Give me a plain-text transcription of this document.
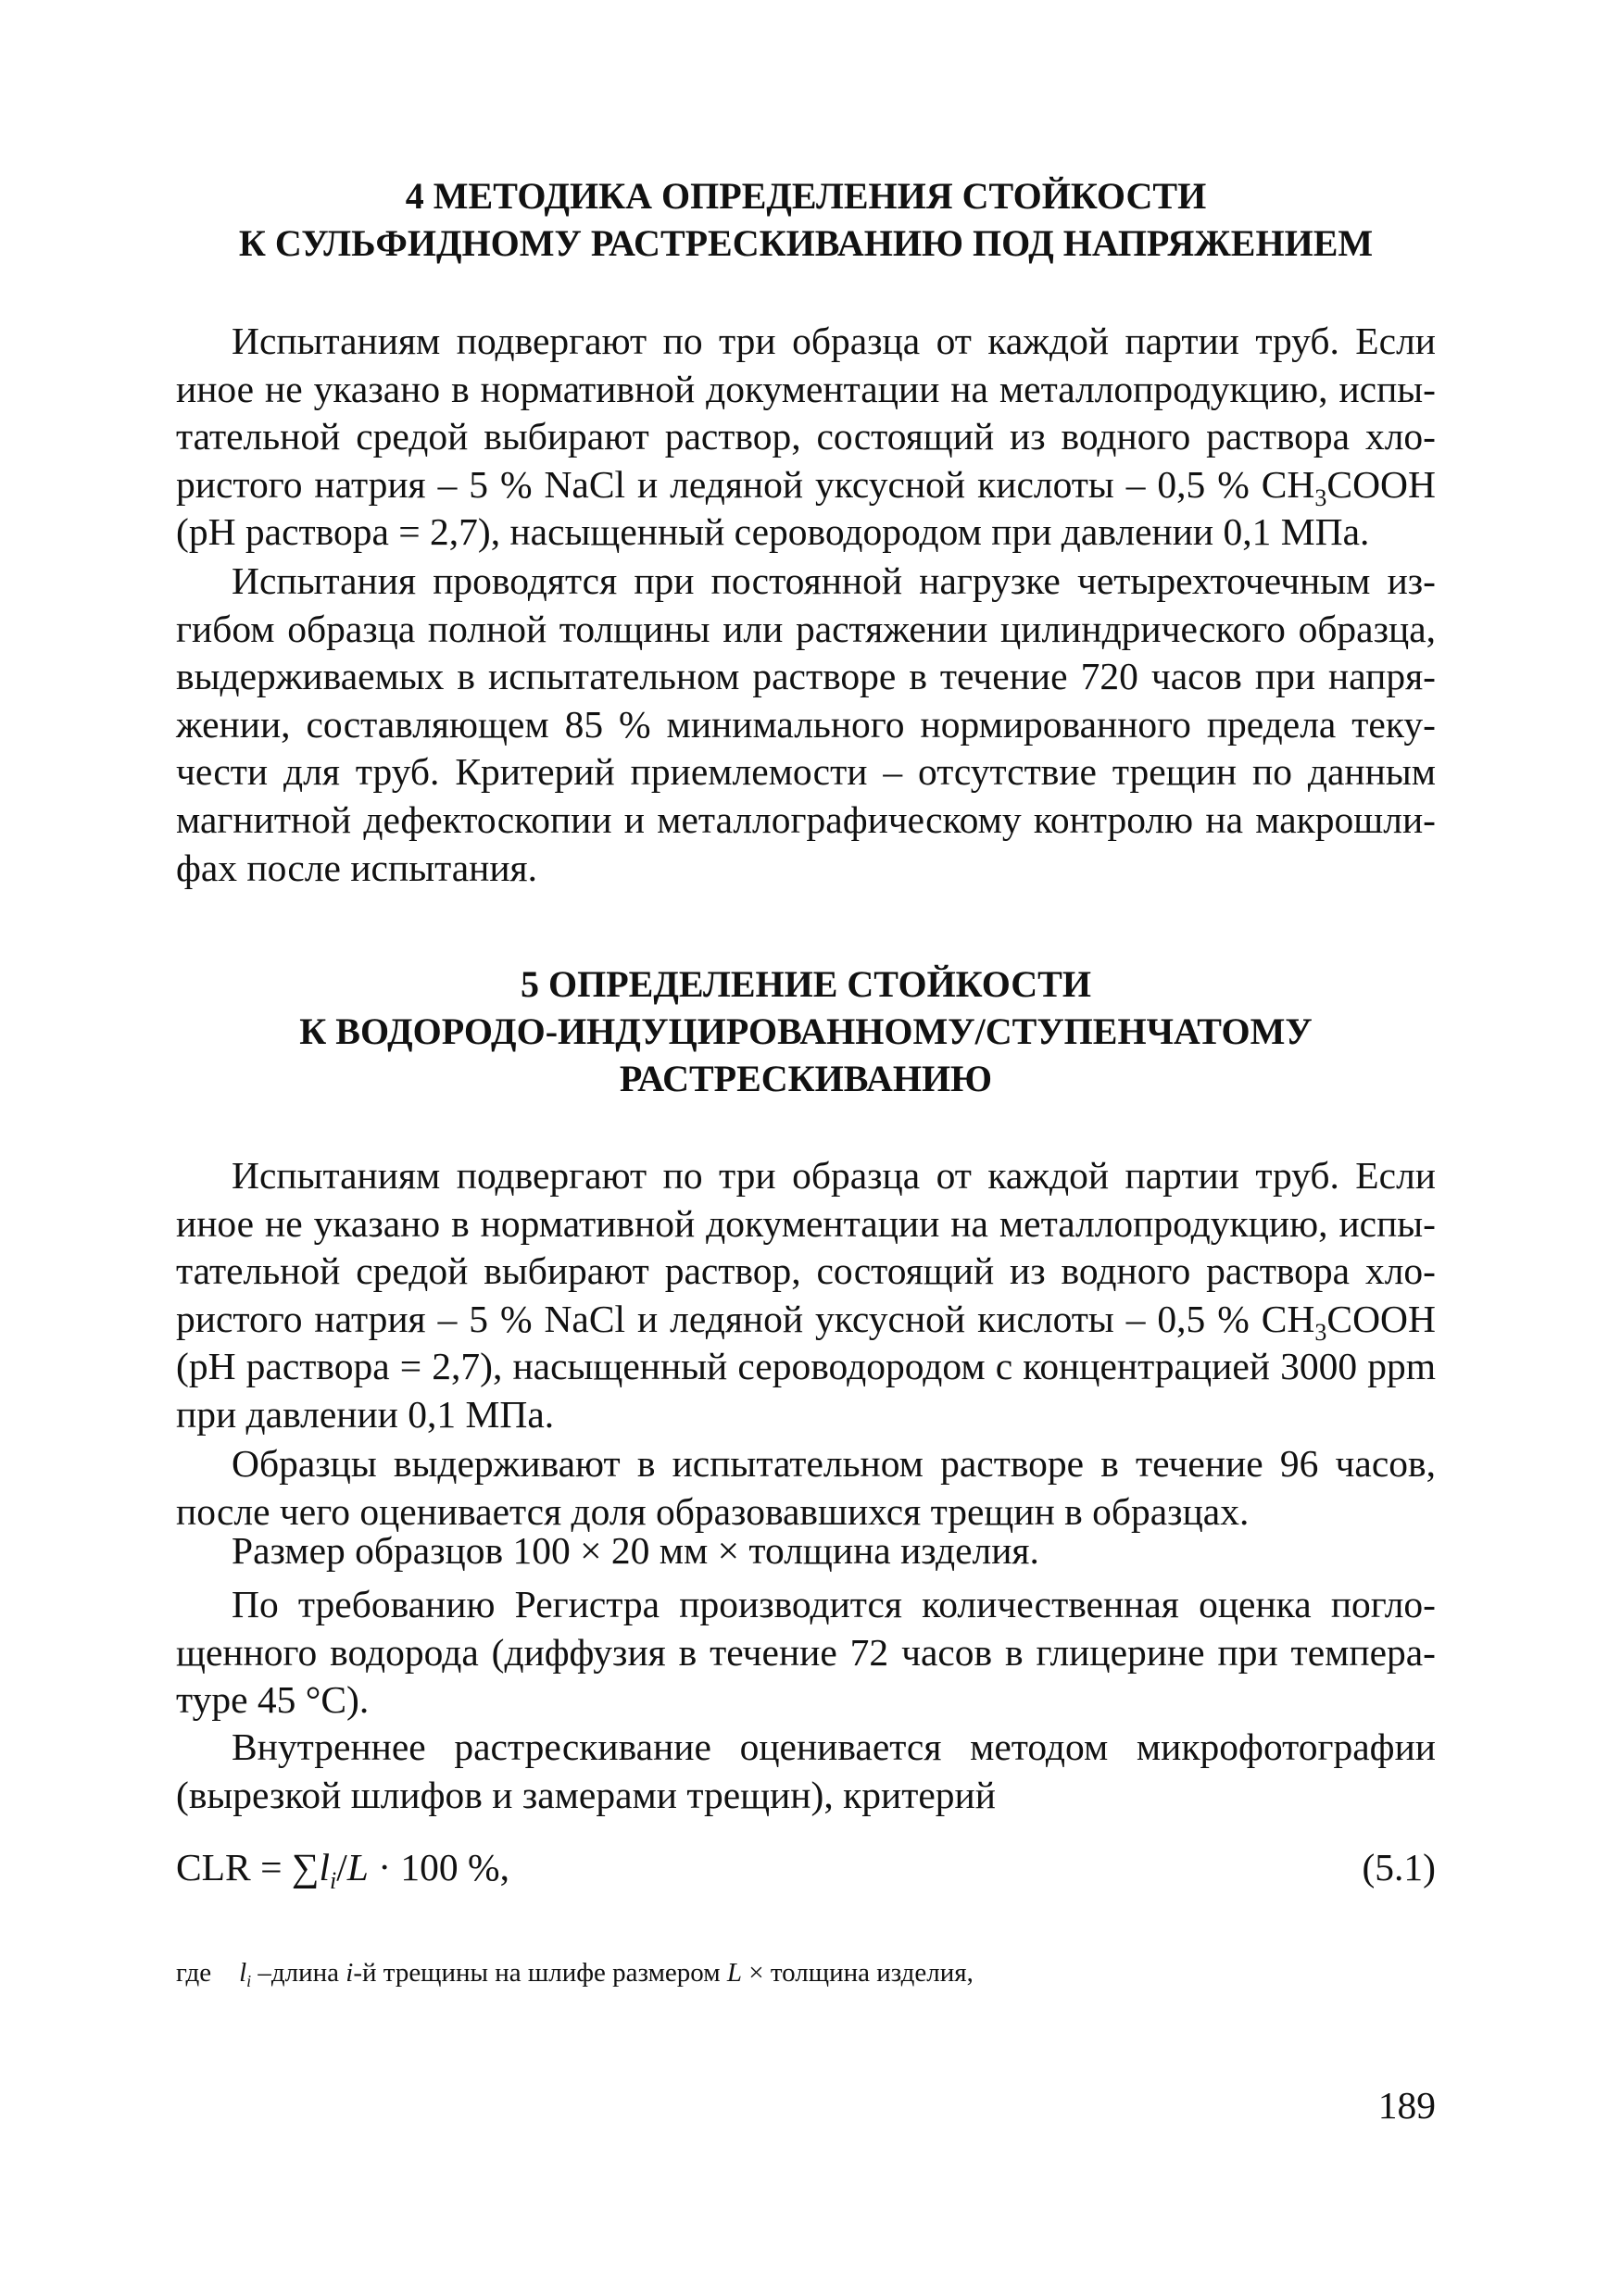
4 МЕТОДИКА ОПРЕДЕЛЕНИЯ СТОЙКОСТИ
К СУЛЬФИДНОМУ РАСТРЕСКИВАНИЮ ПОД НАПРЯЖЕНИЕМ
Испытаниям подвергают по три образца от каждой партии труб. Если
иное не указано в нормативной документации на металлопродукцию, испы-
тательной средой выбирают раствор, состоящий из водного раствора хло-
ристого натрия – 5 % NaCl и ледяной уксусной кислоты – 0,5 % $CH_3COOH$
(рН раствора = 2,7), насыщенный сероводородом при давлении 0,1 МПа.
Испытания проводятся при постоянной нагрузке четырехточечным из-
гибом образца полной толщины или растяжении цилиндрического образца,
выдерживаемых в испытательном растворе в течение 720 часов при напря-
жении, составляющем 85 % минимального нормированного предела теку-
чести для труб. Критерий приемлемости – отсутствие трещин по данным
магнитной дефектоскопии и металлографическому контролю на макрошли-
фах после испытания.
5 ОПРЕДЕЛЕНИЕ СТОЙКОСТИ
К ВОДОРОДО-ИНДУЦИРОВАННОМУ/СТУПЕНЧАТОМУ
РАСТРЕСКИВАНИЮ
Испытаниям подвергают по три образца от каждой партии труб. Если
иное не указано в нормативной документации на металлопродукцию, испы-
тательной средой выбирают раствор, состоящий из водного раствора хло-
ристого натрия – 5 % NaCl и ледяной уксусной кислоты – 0,5 % $CH_3COOH$
(рН раствора = 2,7), насыщенный сероводородом с концентрацией 3000 ppm
при давлении 0,1 МПа.
Образцы выдерживают в испытательном растворе в течение 96 часов,
после чего оценивается доля образовавшихся трещин в образцах.
Размер образцов 100 × 20 мм × толщина изделия.
По требованию Регистра производится количественная оценка погло-
щенного водорода (диффузия в течение 72 часов в глицерине при темпера-
туре 45 °С).
Внутреннее растрескивание оценивается методом микрофотографии
(вырезкой шлифов и замерами трещин), критерий
CLR = $\sum l_i/L \cdot 100$ %,	(5.1)
где $l_i$ –длина i-й трещины на шлифе размером L × толщина изделия,
189
